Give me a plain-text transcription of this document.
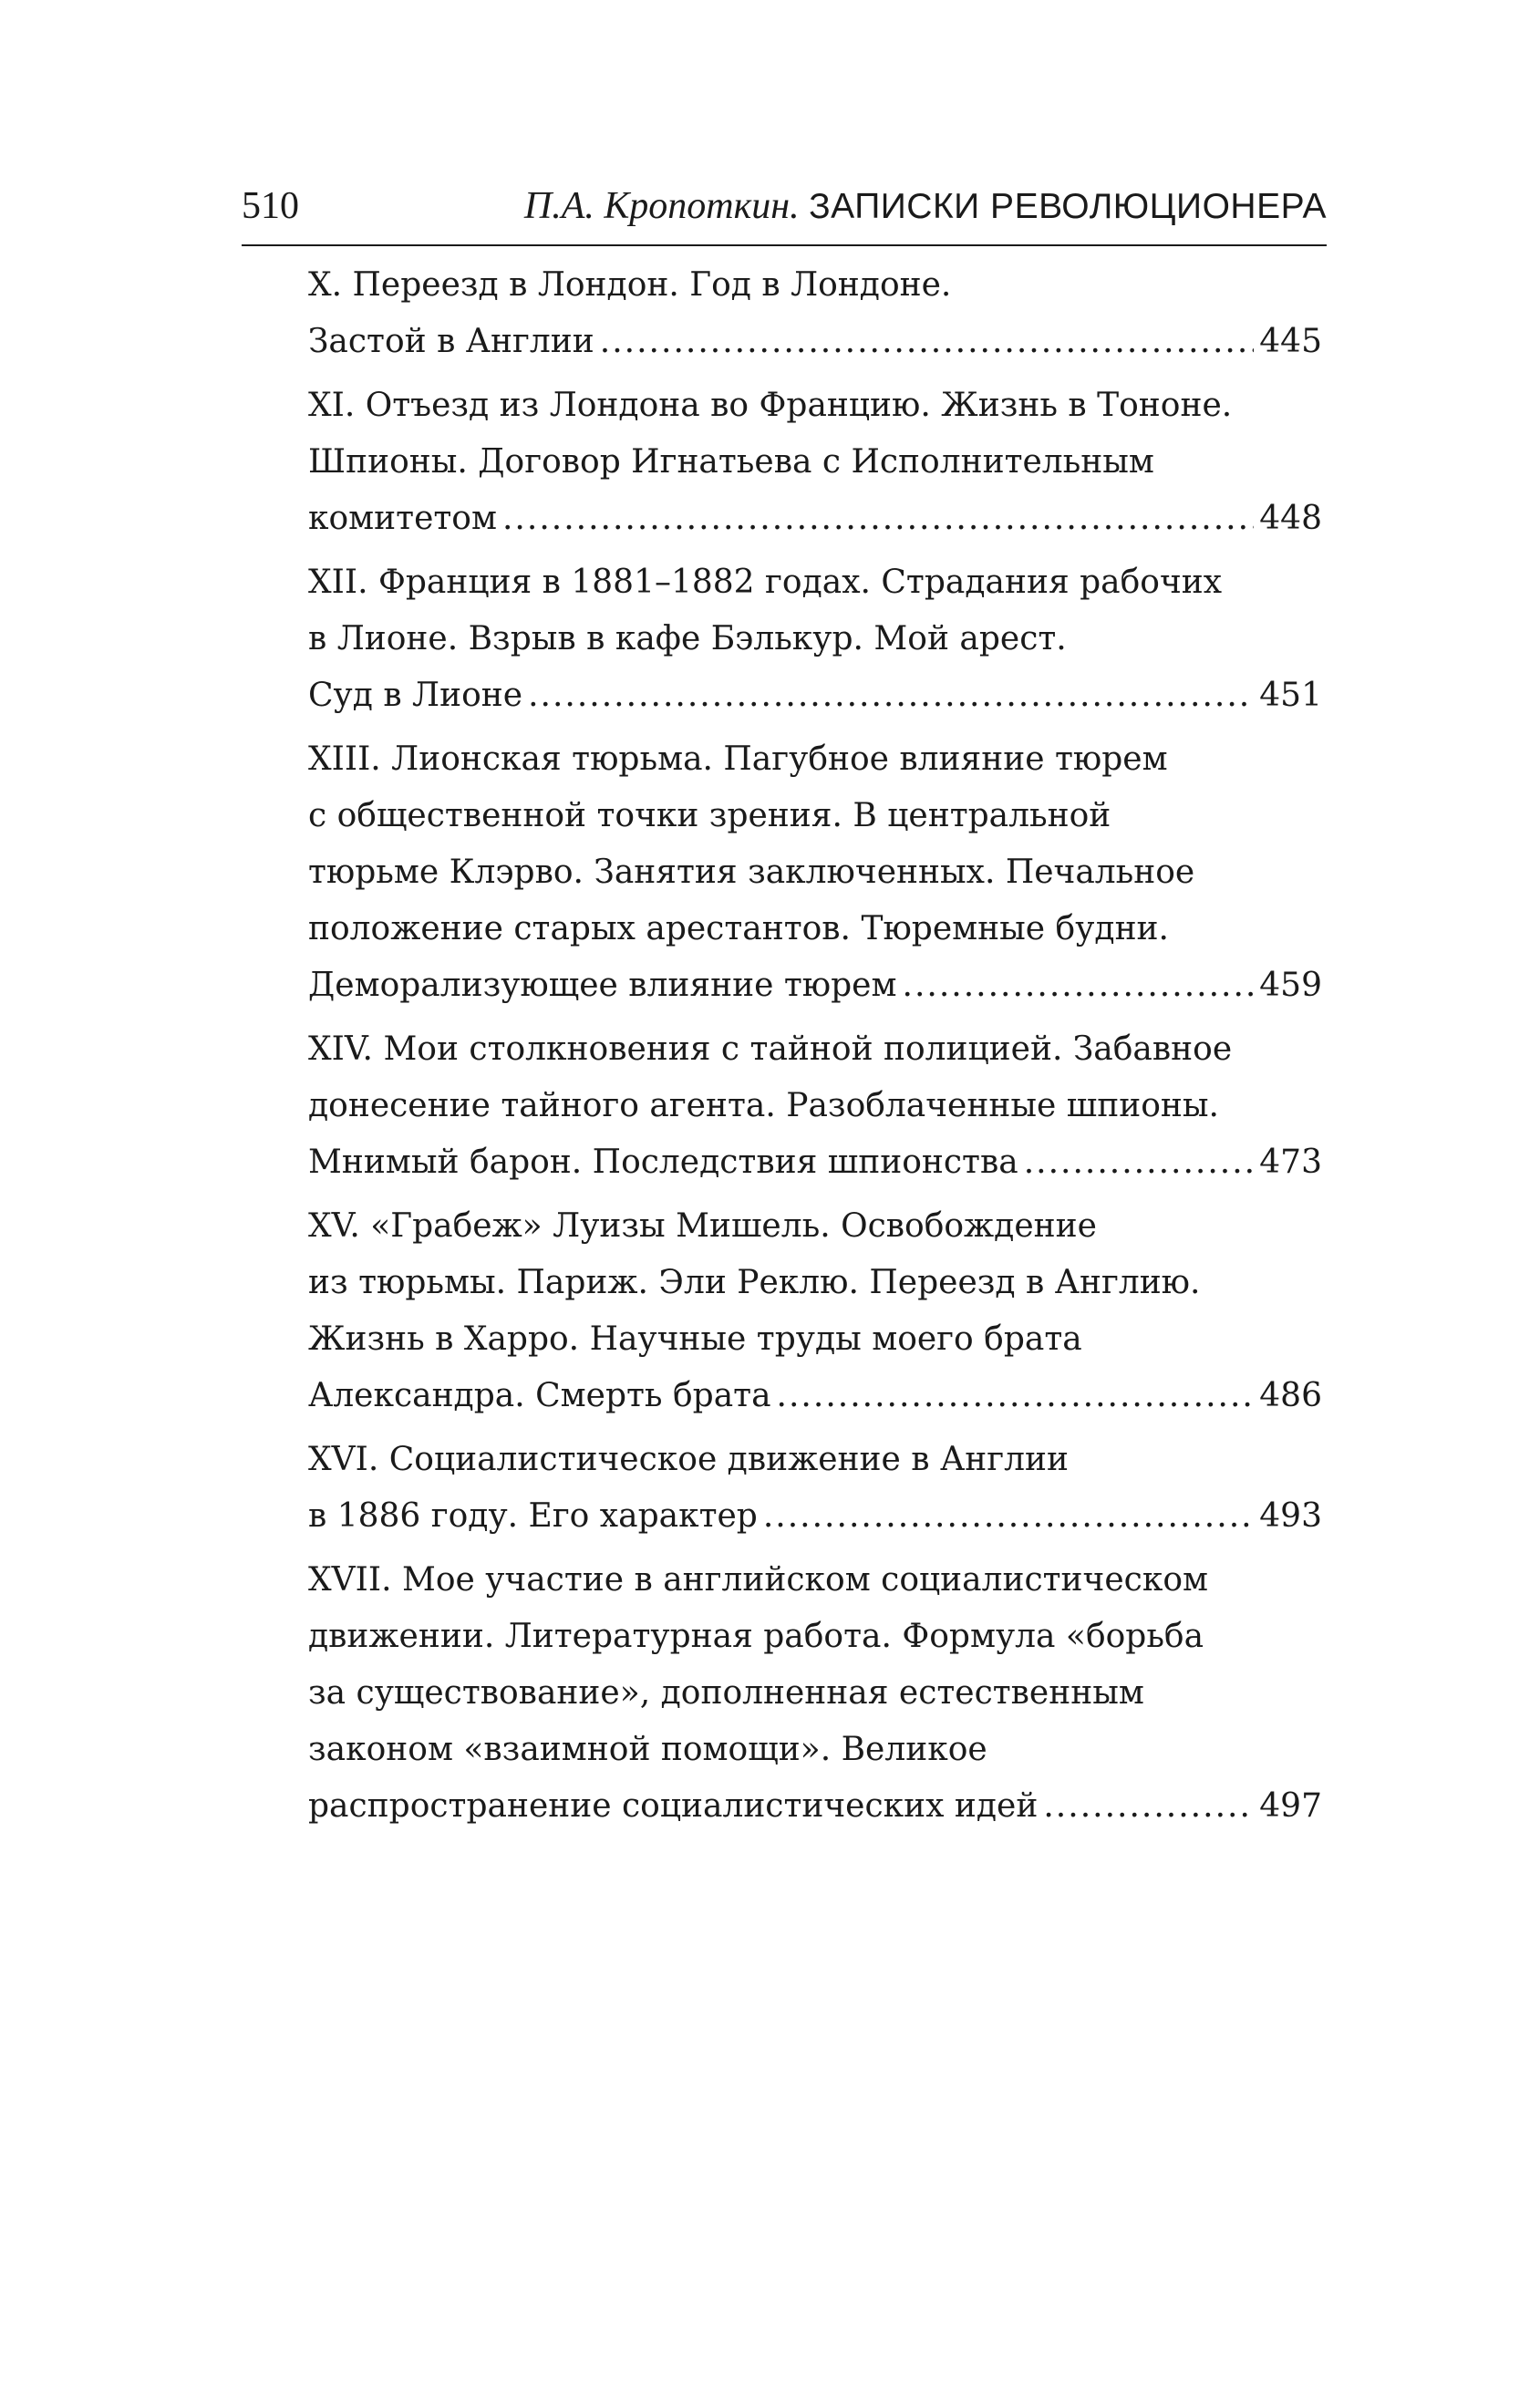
510	П.А. Кропоткин. ЗАПИСКИ РЕВОЛЮЦИОНЕРА
X. Переезд в Лондон. Год в Лондоне.
Застой в Англии .....	445
XI. Отъезд из Лондона во Францию. Жизнь в Тононе.
Шпионы. Договор Игнатьева с Исполнительным
комитетом .....	448
XII. Франция в 1881–1882 годах. Страдания рабочих
в Лионе. Взрыв в кафе Бэлькур. Мой арест.
Суд в Лионе .....	451
XIII. Лионская тюрьма. Пагубное влияние тюрем
с общественной точки зрения. В центральной
тюрьме Клэрво. Занятия заключенных. Печальное
положение старых арестантов. Тюремные будни.
Деморализующее влияние тюрем .....	459
XIV. Мои столкновения с тайной полицией. Забавное
донесение тайного агента. Разоблаченные шпионы.
Мнимый барон. Последствия шпионства .....	473
XV. «Грабеж» Луизы Мишель. Освобождение
из тюрьмы. Париж. Эли Реклю. Переезд в Англию.
Жизнь в Харро. Научные труды моего брата
Александра. Смерть брата .....	486
XVI. Социалистическое движение в Англии
в 1886 году. Его характер .....	493
XVII. Мое участие в английском социалистическом
движении. Литературная работа. Формула «борьба
за существование», дополненная естественным
законом «взаимной помощи». Великое
распространение социалистических идей .....	497
